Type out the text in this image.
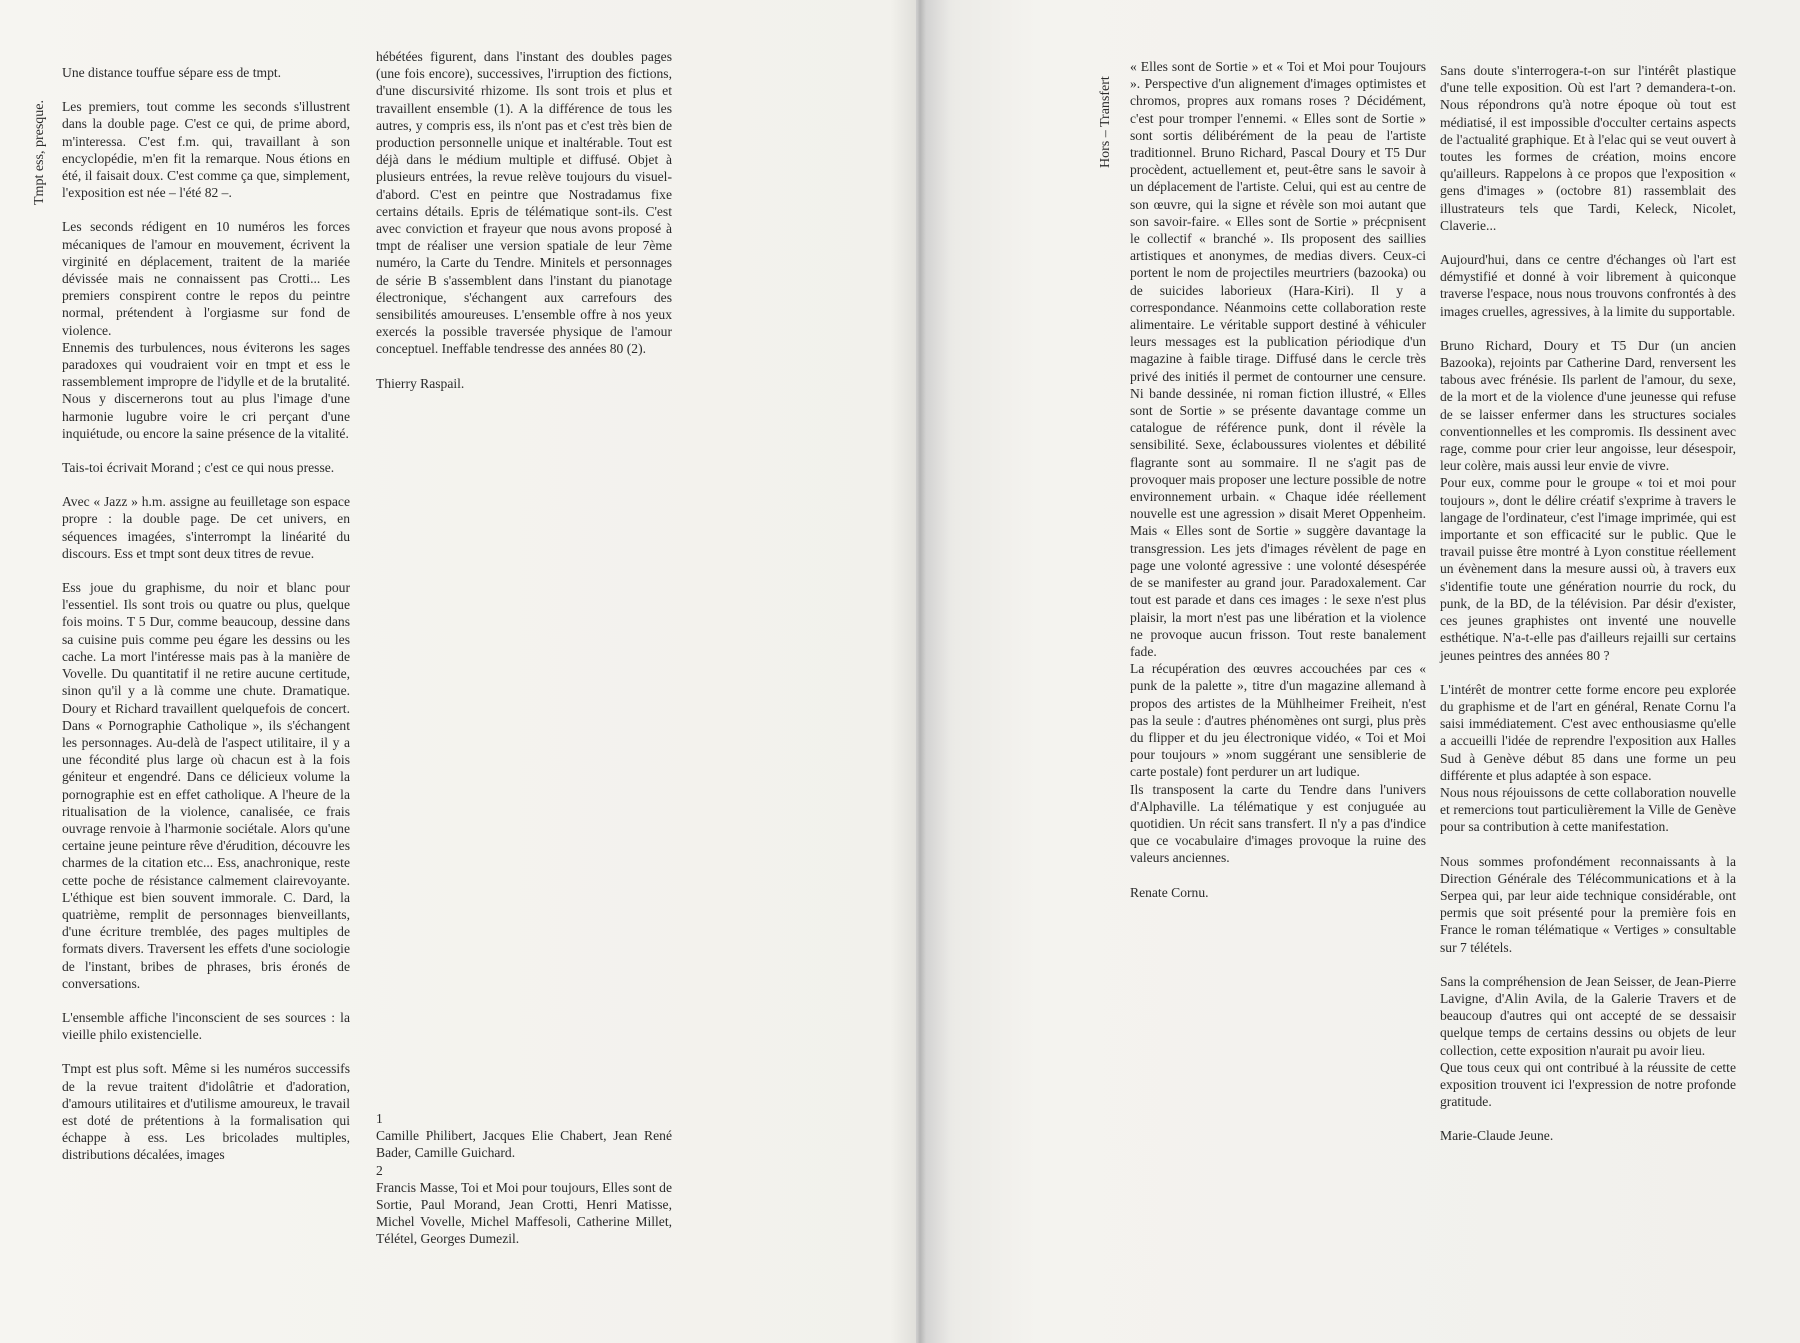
Tmpt ess, presque.

Une distance touffue sépare ess de tmpt.

Les premiers, tout comme les seconds s'illustrent dans la double page. C'est ce qui, de prime abord, m'interessa. C'est f.m. qui, travaillant à son encyclopédie, m'en fit la remarque. Nous étions en été, il faisait doux. C'est comme ça que, simplement, l'exposition est née – l'été 82 –.

Les seconds rédigent en 10 numéros les forces mécaniques de l'amour en mouvement, écrivent la virginité en déplacement, traitent de la mariée dévissée mais ne connaissent pas Crotti... Les premiers conspirent contre le repos du peintre normal, prétendent à l'orgiasme sur fond de violence.

Ennemis des turbulences, nous éviterons les sages paradoxes qui voudraient voir en tmpt et ess le rassemblement impropre de l'idylle et de la brutalité. Nous y discernerons tout au plus l'image d'une harmonie lugubre voire le cri perçant d'une inquiétude, ou encore la saine présence de la vitalité.

Tais-toi écrivait Morand ; c'est ce qui nous presse.

Avec « Jazz » h.m. assigne au feuilletage son espace propre : la double page. De cet univers, en séquences imagées, s'interrompt la linéarité du discours. Ess et tmpt sont deux titres de revue.

Ess joue du graphisme, du noir et blanc pour l'essentiel. Ils sont trois ou quatre ou plus, quelque fois moins. T 5 Dur, comme beaucoup, dessine dans sa cuisine puis comme peu égare les dessins ou les cache. La mort l'intéresse mais pas à la manière de Vovelle. Du quantitatif il ne retire aucune certitude, sinon qu'il y a là comme une chute. Dramatique. Doury et Richard travaillent quelquefois de concert. Dans « Pornographie Catholique », ils s'échangent les personnages. Au-delà de l'aspect utilitaire, il y a une fécondité plus large où chacun est à la fois géniteur et engendré. Dans ce délicieux volume la pornographie est en effet catholique. A l'heure de la ritualisation de la violence, canalisée, ce frais ouvrage renvoie à l'harmonie sociétale. Alors qu'une certaine jeune peinture rêve d'érudition, découvre les charmes de la citation etc... Ess, anachronique, reste cette poche de résistance calmement clairevoyante. L'éthique est bien souvent immorale. C. Dard, la quatrième, remplit de personnages bienveillants, d'une écriture tremblée, des pages multiples de formats divers. Traversent les effets d'une sociologie de l'instant, bribes de phrases, bris éronés de conversations.

L'ensemble affiche l'inconscient de ses sources : la vieille philo existencielle.

Tmpt est plus soft. Même si les numéros successifs de la revue traitent d'idolâtrie et d'adoration, d'amours utilitaires et d'utilisme amoureux, le travail est doté de prétentions à la formalisation qui échappe à ess. Les bricolades multiples, distributions décalées, images

hébétées figurent, dans l'instant des doubles pages (une fois encore), successives, l'irruption des fictions, d'une discursivité rhizome. Ils sont trois et plus et travaillent ensemble (1). A la différence de tous les autres, y compris ess, ils n'ont pas et c'est très bien de production personnelle unique et inaltérable. Tout est déjà dans le médium multiple et diffusé. Objet à plusieurs entrées, la revue relève toujours du visuel-d'abord. C'est en peintre que Nostradamus fixe certains détails. Epris de télématique sont-ils. C'est avec conviction et frayeur que nous avons proposé à tmpt de réaliser une version spatiale de leur 7ème numéro, la Carte du Tendre. Minitels et personnages de série B s'assemblent dans l'instant du pianotage électronique, s'échangent aux carrefours des sensibilités amoureuses. L'ensemble offre à nos yeux exercés la possible traversée physique de l'amour conceptuel. Ineffable tendresse des années 80 (2).

Thierry Raspail.

1
Camille Philibert, Jacques Elie Chabert, Jean René Bader, Camille Guichard.
2
Francis Masse, Toi et Moi pour toujours, Elles sont de Sortie, Paul Morand, Jean Crotti, Henri Matisse, Michel Vovelle, Michel Maffesoli, Catherine Millet, Télétel, Georges Dumezil.
Hors – Transfert

« Elles sont de Sortie » et « Toi et Moi pour Toujours ». Perspective d'un alignement d'images optimistes et chromos, propres aux romans roses ? Décidément, c'est pour tromper l'ennemi. « Elles sont de Sortie » sont sortis délibérément de la peau de l'artiste traditionnel. Bruno Richard, Pascal Doury et T5 Dur procèdent, actuellement et, peut-être sans le savoir à un déplacement de l'artiste. Celui, qui est au centre de son œuvre, qui la signe et révèle son moi autant que son savoir-faire. « Elles sont de Sortie » précpnisent le collectif « branché ». Ils proposent des saillies artistiques et anonymes, de medias divers. Ceux-ci portent le nom de projectiles meurtriers (bazooka) ou de suicides laborieux (Hara-Kiri). Il y a correspondance. Néanmoins cette collaboration reste alimentaire. Le véritable support destiné à véhiculer leurs messages est la publication périodique d'un magazine à faible tirage. Diffusé dans le cercle très privé des initiés il permet de contourner une censure. Ni bande dessinée, ni roman fiction illustré, « Elles sont de Sortie » se présente davantage comme un catalogue de référence punk, dont il révèle la sensibilité. Sexe, éclaboussures violentes et débilité flagrante sont au sommaire. Il ne s'agit pas de provoquer mais proposer une lecture possible de notre environnement urbain. « Chaque idée réellement nouvelle est une agression » disait Meret Oppenheim. Mais « Elles sont de Sortie » suggère davantage la transgression. Les jets d'images révèlent de page en page une volonté agressive : une volonté désespérée de se manifester au grand jour. Paradoxalement. Car tout est parade et dans ces images : le sexe n'est plus plaisir, la mort n'est pas une libération et la violence ne provoque aucun frisson. Tout reste banalement fade.

La récupération des œuvres accouchées par ces « punk de la palette », titre d'un magazine allemand à propos des artistes de la Mühlheimer Freiheit, n'est pas la seule : d'autres phénomènes ont surgi, plus près du flipper et du jeu électronique vidéo, « Toi et Moi pour toujours » »nom suggérant une sensiblerie de carte postale) font perdurer un art ludique.

Ils transposent la carte du Tendre dans l'univers d'Alphaville. La télématique y est conjuguée au quotidien. Un récit sans transfert. Il n'y a pas d'indice que ce vocabulaire d'images provoque la ruine des valeurs anciennes.

Renate Cornu.

Sans doute s'interrogera-t-on sur l'intérêt plastique d'une telle exposition. Où est l'art ? demandera-t-on. Nous répondrons qu'à notre époque où tout est médiatisé, il est impossible d'occulter certains aspects de l'actualité graphique. Et à l'elac qui se veut ouvert à toutes les formes de création, moins encore qu'ailleurs. Rappelons à ce propos que l'exposition « gens d'images » (octobre 81) rassemblait des illustrateurs tels que Tardi, Keleck, Nicolet, Claverie...

Aujourd'hui, dans ce centre d'échanges où l'art est démystifié et donné à voir librement à quiconque traverse l'espace, nous nous trouvons confrontés à des images cruelles, agressives, à la limite du supportable.

Bruno Richard, Doury et T5 Dur (un ancien Bazooka), rejoints par Catherine Dard, renversent les tabous avec frénésie. Ils parlent de l'amour, du sexe, de la mort et de la violence d'une jeunesse qui refuse de se laisser enfermer dans les structures sociales conventionnelles et les compromis. Ils dessinent avec rage, comme pour crier leur angoisse, leur désespoir, leur colère, mais aussi leur envie de vivre.

Pour eux, comme pour le groupe « toi et moi pour toujours », dont le délire créatif s'exprime à travers le langage de l'ordinateur, c'est l'image imprimée, qui est importante et son efficacité sur le public. Que le travail puisse être montré à Lyon constitue réellement un évènement dans la mesure aussi où, à travers eux s'identifie toute une génération nourrie du rock, du punk, de la BD, de la télévision. Par désir d'exister, ces jeunes graphistes ont inventé une nouvelle esthétique. N'a-t-elle pas d'ailleurs rejailli sur certains jeunes peintres des années 80 ?

L'intérêt de montrer cette forme encore peu explorée du graphisme et de l'art en général, Renate Cornu l'a saisi immédiatement. C'est avec enthousiasme qu'elle a accueilli l'idée de reprendre l'exposition aux Halles Sud à Genève début 85 dans une forme un peu différente et plus adaptée à son espace.

Nous nous réjouissons de cette collaboration nouvelle et remercions tout particulièrement la Ville de Genève pour sa contribution à cette manifestation.

Nous sommes profondément reconnaissants à la Direction Générale des Télécommunications et à la Serpea qui, par leur aide technique considérable, ont permis que soit présenté pour la première fois en France le roman télématique « Vertiges » consultable sur 7 télétels.

Sans la compréhension de Jean Seisser, de Jean-Pierre Lavigne, d'Alin Avila, de la Galerie Travers et de beaucoup d'autres qui ont accepté de se dessaisir quelque temps de certains dessins ou objets de leur collection, cette exposition n'aurait pu avoir lieu.

Que tous ceux qui ont contribué à la réussite de cette exposition trouvent ici l'expression de notre profonde gratitude.

Marie-Claude Jeune.
